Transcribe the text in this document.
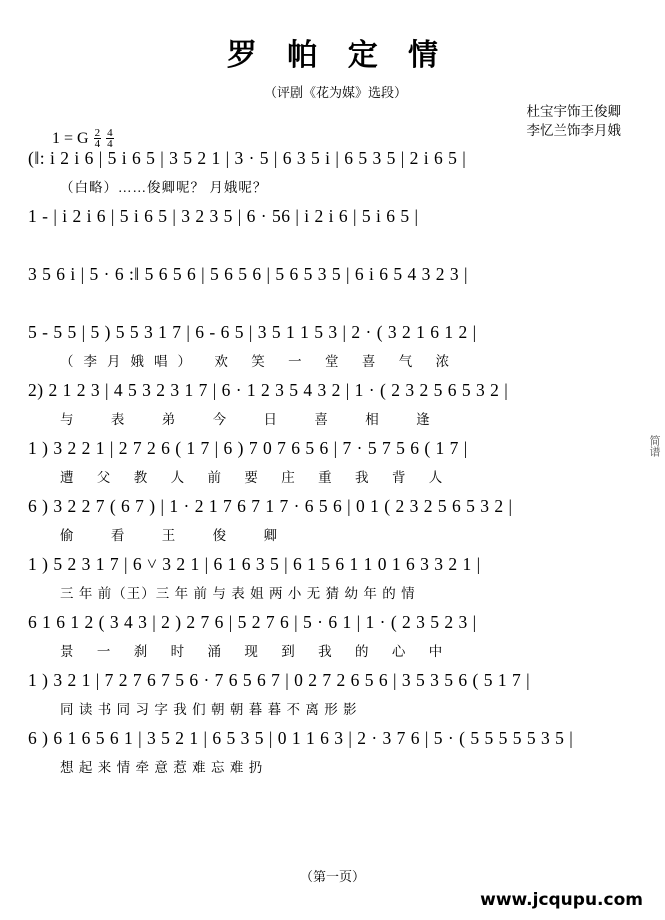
罗 帕 定 情
（评剧《花为媒》选段）
杜宝宇饰王俊卿
李忆兰饰李月娥
1 = G $\frac{2}{4} \frac{4}{4}$
(‖: i 2 i 6 | 5 i 6 5 | 3 5 2 1 | 3 · 5 | 6 3 5 i | 6 5 3 5 | 2 i 6 5 |
（白略）……俊卿呢？ 月娥呢？
1 - | i 2 i 6 | 5 i 6 5 | 3 2 3 5 | 6 · 56 | i 2 i 6 | 5 i 6 5 |
3 5 6 i | 5 · 6 :‖ 5 6 5 6 | 5 6 5 6 | 5 6 5 3 5 | 6 i 6 5 4 3 2 3 |
5 - 5 5 | 5 ) 5 5 3 1 7 | 6 - 6 5 | 3 5 1 1 5 3 | 2 · ( 3 2 1 6 1 2 |
（李月娥唱） 欢 笑 一 堂 喜 气 浓
2) 2 1 2 3 | 4 5 3 2 3 1 7 | 6 · 1 2 3 5 4 3 2 | 1 · ( 2 3 2 5 6 5 3 2 |
与 表 弟 今 日 喜 相 逢
1 ) 3 2 2 1 | 2 7 2 6 ( 1 7 | 6 ) 7 0 7 6 5 6 | 7 · 5 7 5 6 ( 1 7 |
遭 父 教 人 前 要 庄 重 我 背 人
6 ) 3 2 2 7 ( 6 7 ) | 1 · 2 1 7 6 7 1 7 · 6 5 6 | 0 1 ( 2 3 2 5 6 5 3 2 |
偷 看 王 俊 卿
1 ) 5 2 3 1 7 | 6 ˅ 3 2 1 | 6 1 6 3 5 | 6 1 5 6 1 1 0 1 6 3 3 2 1 |
三 年 前（王）三 年 前 与 表 姐 两 小 无 猜 幼 年 的 情
6 1 6 1 2 ( 3 4 3 | 2 ) 2 7 6 | 5 2 7 6 | 5 · 6 1 | 1 · ( 2 3 5 2 3 |
景 一 刹 时 涌 现 到 我 的 心 中
1 ) 3 2 1 | 7 2 7 6 7 5 6 · 7 6 5 6 7 | 0 2 7 2 6 5 6 | 3 5 3 5 6 ( 5 1 7 |
同 读 书 同 习 字 我 们 朝 朝 暮 暮 不 离 形 影
6 ) 6 1 6 5 6 1 | 3 5 2 1 | 6 5 3 5 | 0 1 1 6 3 | 2 · 3 7 6 | 5 · ( 5 5 5 5 5 3 5 |
想 起 来 情 牵 意 惹 难 忘 难 扔
（第一页）
www.jcqupu.com
简谱
